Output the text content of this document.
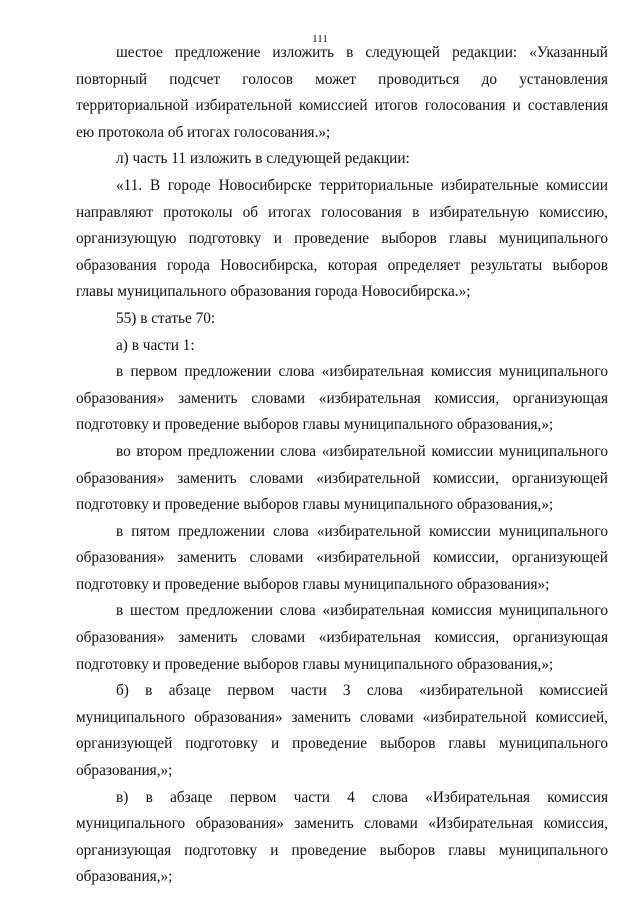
111

шестое предложение изложить в следующей редакции: «Указанный повторный подсчет голосов может проводиться до установления территориальной избирательной комиссией итогов голосования и составления ею протокола об итогах голосования.»;

л) часть 11 изложить в следующей редакции:

«11. В городе Новосибирске территориальные избирательные комиссии направляют протоколы об итогах голосования в избирательную комиссию, организующую подготовку и проведение выборов главы муниципального образования города Новосибирска, которая определяет результаты выборов главы муниципального образования города Новосибирска.»;

55) в статье 70:

а) в части 1:

в первом предложении слова «избирательная комиссия муниципального образования» заменить словами «избирательная комиссия, организующая подготовку и проведение выборов главы муниципального образования,»;

во втором предложении слова «избирательной комиссии муниципального образования» заменить словами «избирательной комиссии, организующей подготовку и проведение выборов главы муниципального образования,»;

в пятом предложении слова «избирательной комиссии муниципального образования» заменить словами «избирательной комиссии, организующей подготовку и проведение выборов главы муниципального образования»;

в шестом предложении слова «избирательная комиссия муниципального образования» заменить словами «избирательная комиссия, организующая подготовку и проведение выборов главы муниципального образования,»;

б) в абзаце первом части 3 слова «избирательной комиссией муниципального образования» заменить словами «избирательной комиссией, организующей подготовку и проведение выборов главы муниципального образования,»;

в) в абзаце первом части 4 слова «Избирательная комиссия муниципального образования» заменить словами «Избирательная комиссия, организующая подготовку и проведение выборов главы муниципального образования,»;
